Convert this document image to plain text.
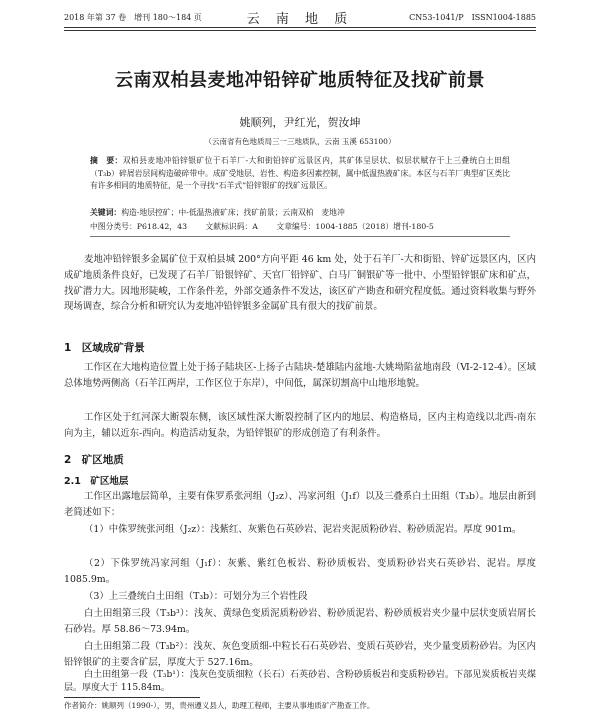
2018 年第 37 卷　增刊 180～184 页	云 南 地 质	CN53-1041/P　ISSN1004-1885
云南双柏县麦地冲铅锌矿地质特征及找矿前景
姚顺列，尹红光，贺汝坤
（云南省有色地质局三一三地质队，云南 玉溪 653100）
摘　要：双柏县麦地冲铅锌银矿位于石羊厂-大和街铅锌矿远景区内，其矿体呈层状、似层状赋存于上三叠统白土田组（T₃b）碎屑岩层间构造破碎带中。成矿受地层、岩性、构造多因素控制，属中低温热液矿床。本区与石羊厂典型矿区类比有许多相同的地质特征，是一个寻找“石羊式”铅锌银矿的找矿远景区。
关键词：构造-地层控矿；中-低温热液矿床；找矿前景；云南双柏　麦地冲
中图分类号：P618.42，43 文献标识码：A 文章编号：1004-1885（2018）增刊-180-5
麦地冲铅锌银多金属矿位于双柏县城 200°方向平距 46 km 处，处于石羊厂-大和街铅、锌矿远景区内，区内成矿地质条件良好，已发现了石羊厂铅银锌矿、天官厂铅锌矿、白马厂铜银矿等一批中、小型铅锌银矿床和矿点，找矿潜力大。因地形陡峻，工作条件差，外部交通条件不发达，该区矿产勘查和研究程度低。通过资料收集与野外现场调查，综合分析和研究认为麦地冲铅锌银多金属矿具有很大的找矿前景。
1　区域成矿背景
工作区在大地构造位置上处于扬子陆块区-上扬子古陆块-楚雄陆内盆地-大姚坳陷盆地南段（Ⅵ-2-12-4）。区域总体地势两侧高（石羊江两岸，工作区位于东岸），中间低，属深切割高中山地形地貌。
工作区处于红河深大断裂东侧，该区域性深大断裂控制了区内的地层、构造格局，区内主构造线以北西-南东向为主，辅以近东-西向。构造活动复杂，为铅锌银矿的形成创造了有利条件。
2　矿区地质
2.1　矿区地层
工作区出露地层简单，主要有侏罗系张河组（J₂z）、冯家河组（J₁f）以及三叠系白土田组（T₃b）。地层由新到老简述如下：
（1）中侏罗统张河组（J₂z）：浅紫红、灰紫色石英砂岩、泥岩夹泥质粉砂岩、粉砂质泥岩。厚度 901m。
（2）下侏罗统冯家河组（J₁f）：灰紫、紫红色板岩、粉砂质板岩、变质粉砂岩夹石英砂岩、泥岩。厚度 1085.9m。
（3）上三叠统白土田组（T₃b）：可划分为三个岩性段
白土田组第三段（T₃b³）：浅灰、黄绿色变质泥质粉砂岩、粉砂质泥岩、粉砂质板岩夹少量中层状变质岩屑长石砂岩。厚 58.86～73.94m。
白土田组第二段（T₃b²）：浅灰、灰色变质细-中粒长石石英砂岩、变质石英砂岩，夹少量变质粉砂岩。为区内铅锌银矿的主要含矿层，厚度大于 527.16m。
白土田组第一段（T₃b¹）：浅灰色变质细粒（长石）石英砂岩、含粉砂质板岩和变质粉砂岩。下部见炭质板岩夹煤层。厚度大于 115.84m。
作者简介：姚顺列（1990-），男，贵州遵义县人，助理工程师，主要从事地质矿产勘查工作。
